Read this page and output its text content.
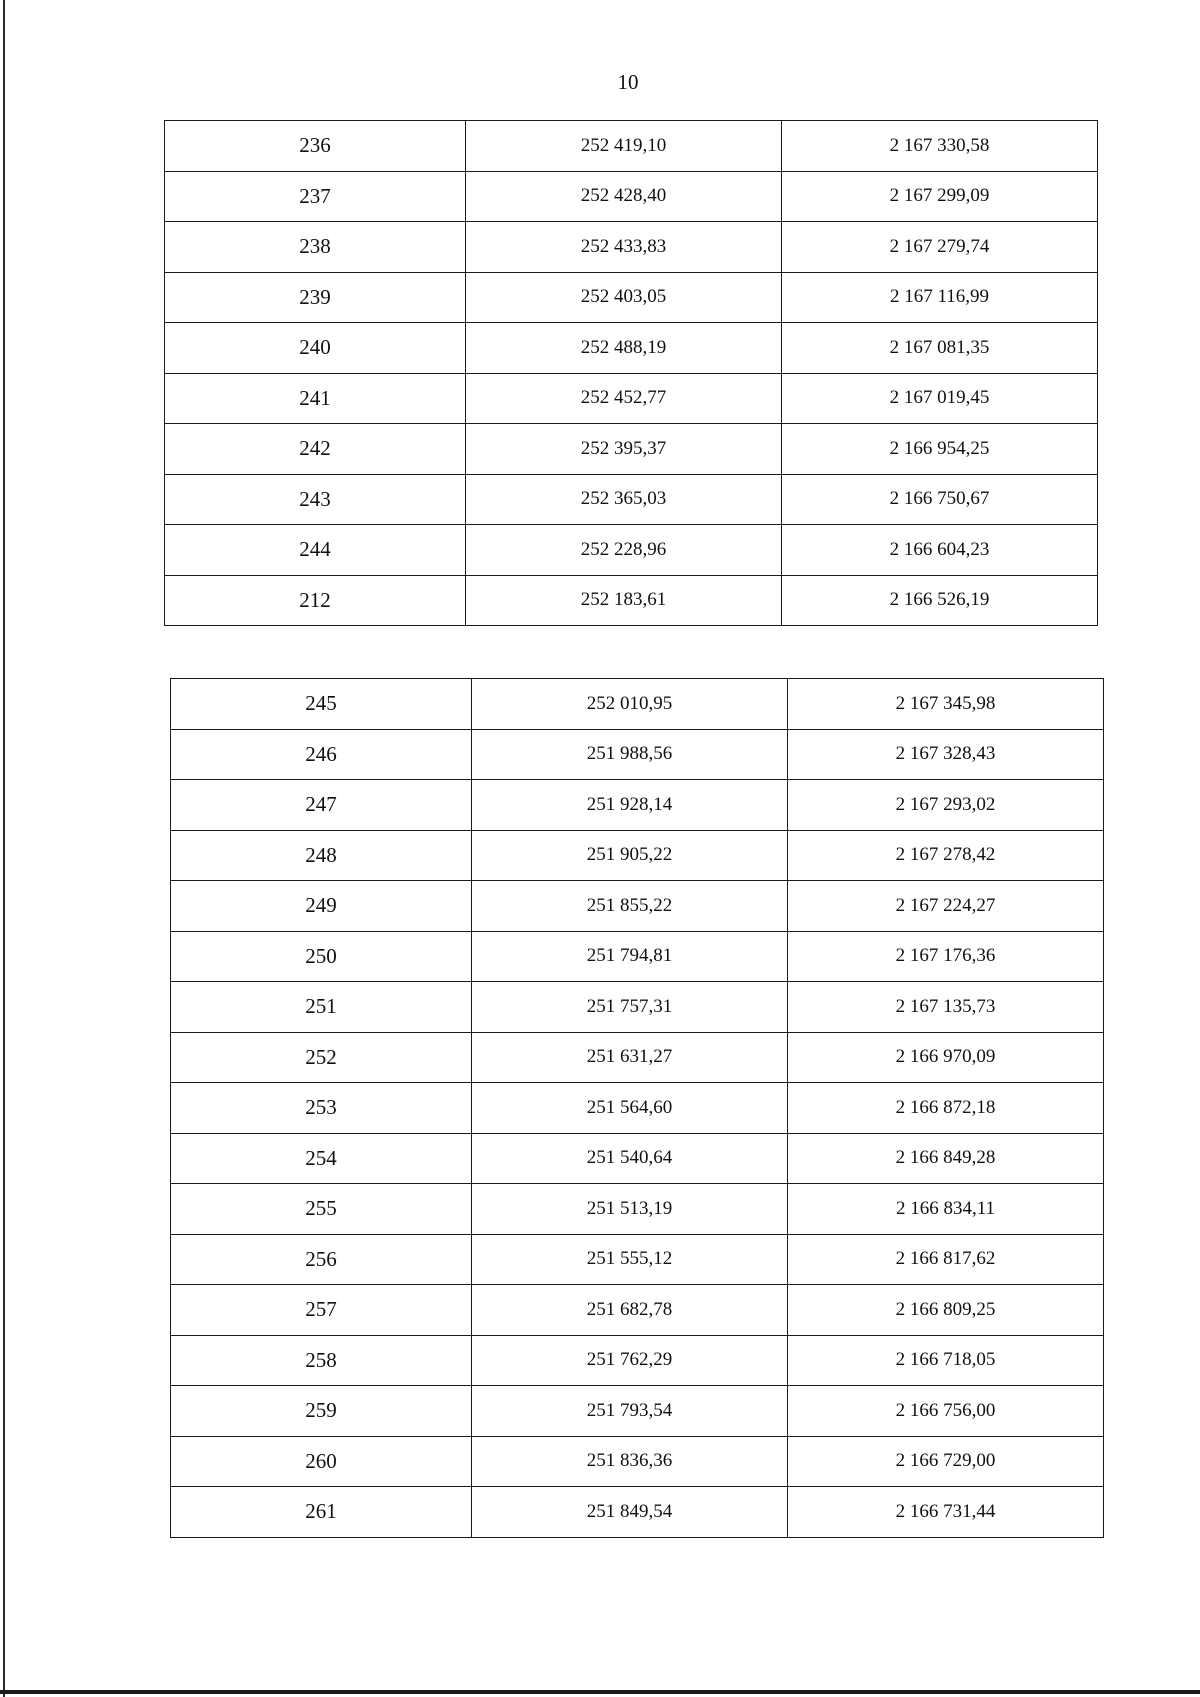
10
236	252 419,10	2 167 330,58
237	252 428,40	2 167 299,09
238	252 433,83	2 167 279,74
239	252 403,05	2 167 116,99
240	252 488,19	2 167 081,35
241	252 452,77	2 167 019,45
242	252 395,37	2 166 954,25
243	252 365,03	2 166 750,67
244	252 228,96	2 166 604,23
212	252 183,61	2 166 526,19
245	252 010,95	2 167 345,98
246	251 988,56	2 167 328,43
247	251 928,14	2 167 293,02
248	251 905,22	2 167 278,42
249	251 855,22	2 167 224,27
250	251 794,81	2 167 176,36
251	251 757,31	2 167 135,73
252	251 631,27	2 166 970,09
253	251 564,60	2 166 872,18
254	251 540,64	2 166 849,28
255	251 513,19	2 166 834,11
256	251 555,12	2 166 817,62
257	251 682,78	2 166 809,25
258	251 762,29	2 166 718,05
259	251 793,54	2 166 756,00
260	251 836,36	2 166 729,00
261	251 849,54	2 166 731,44
